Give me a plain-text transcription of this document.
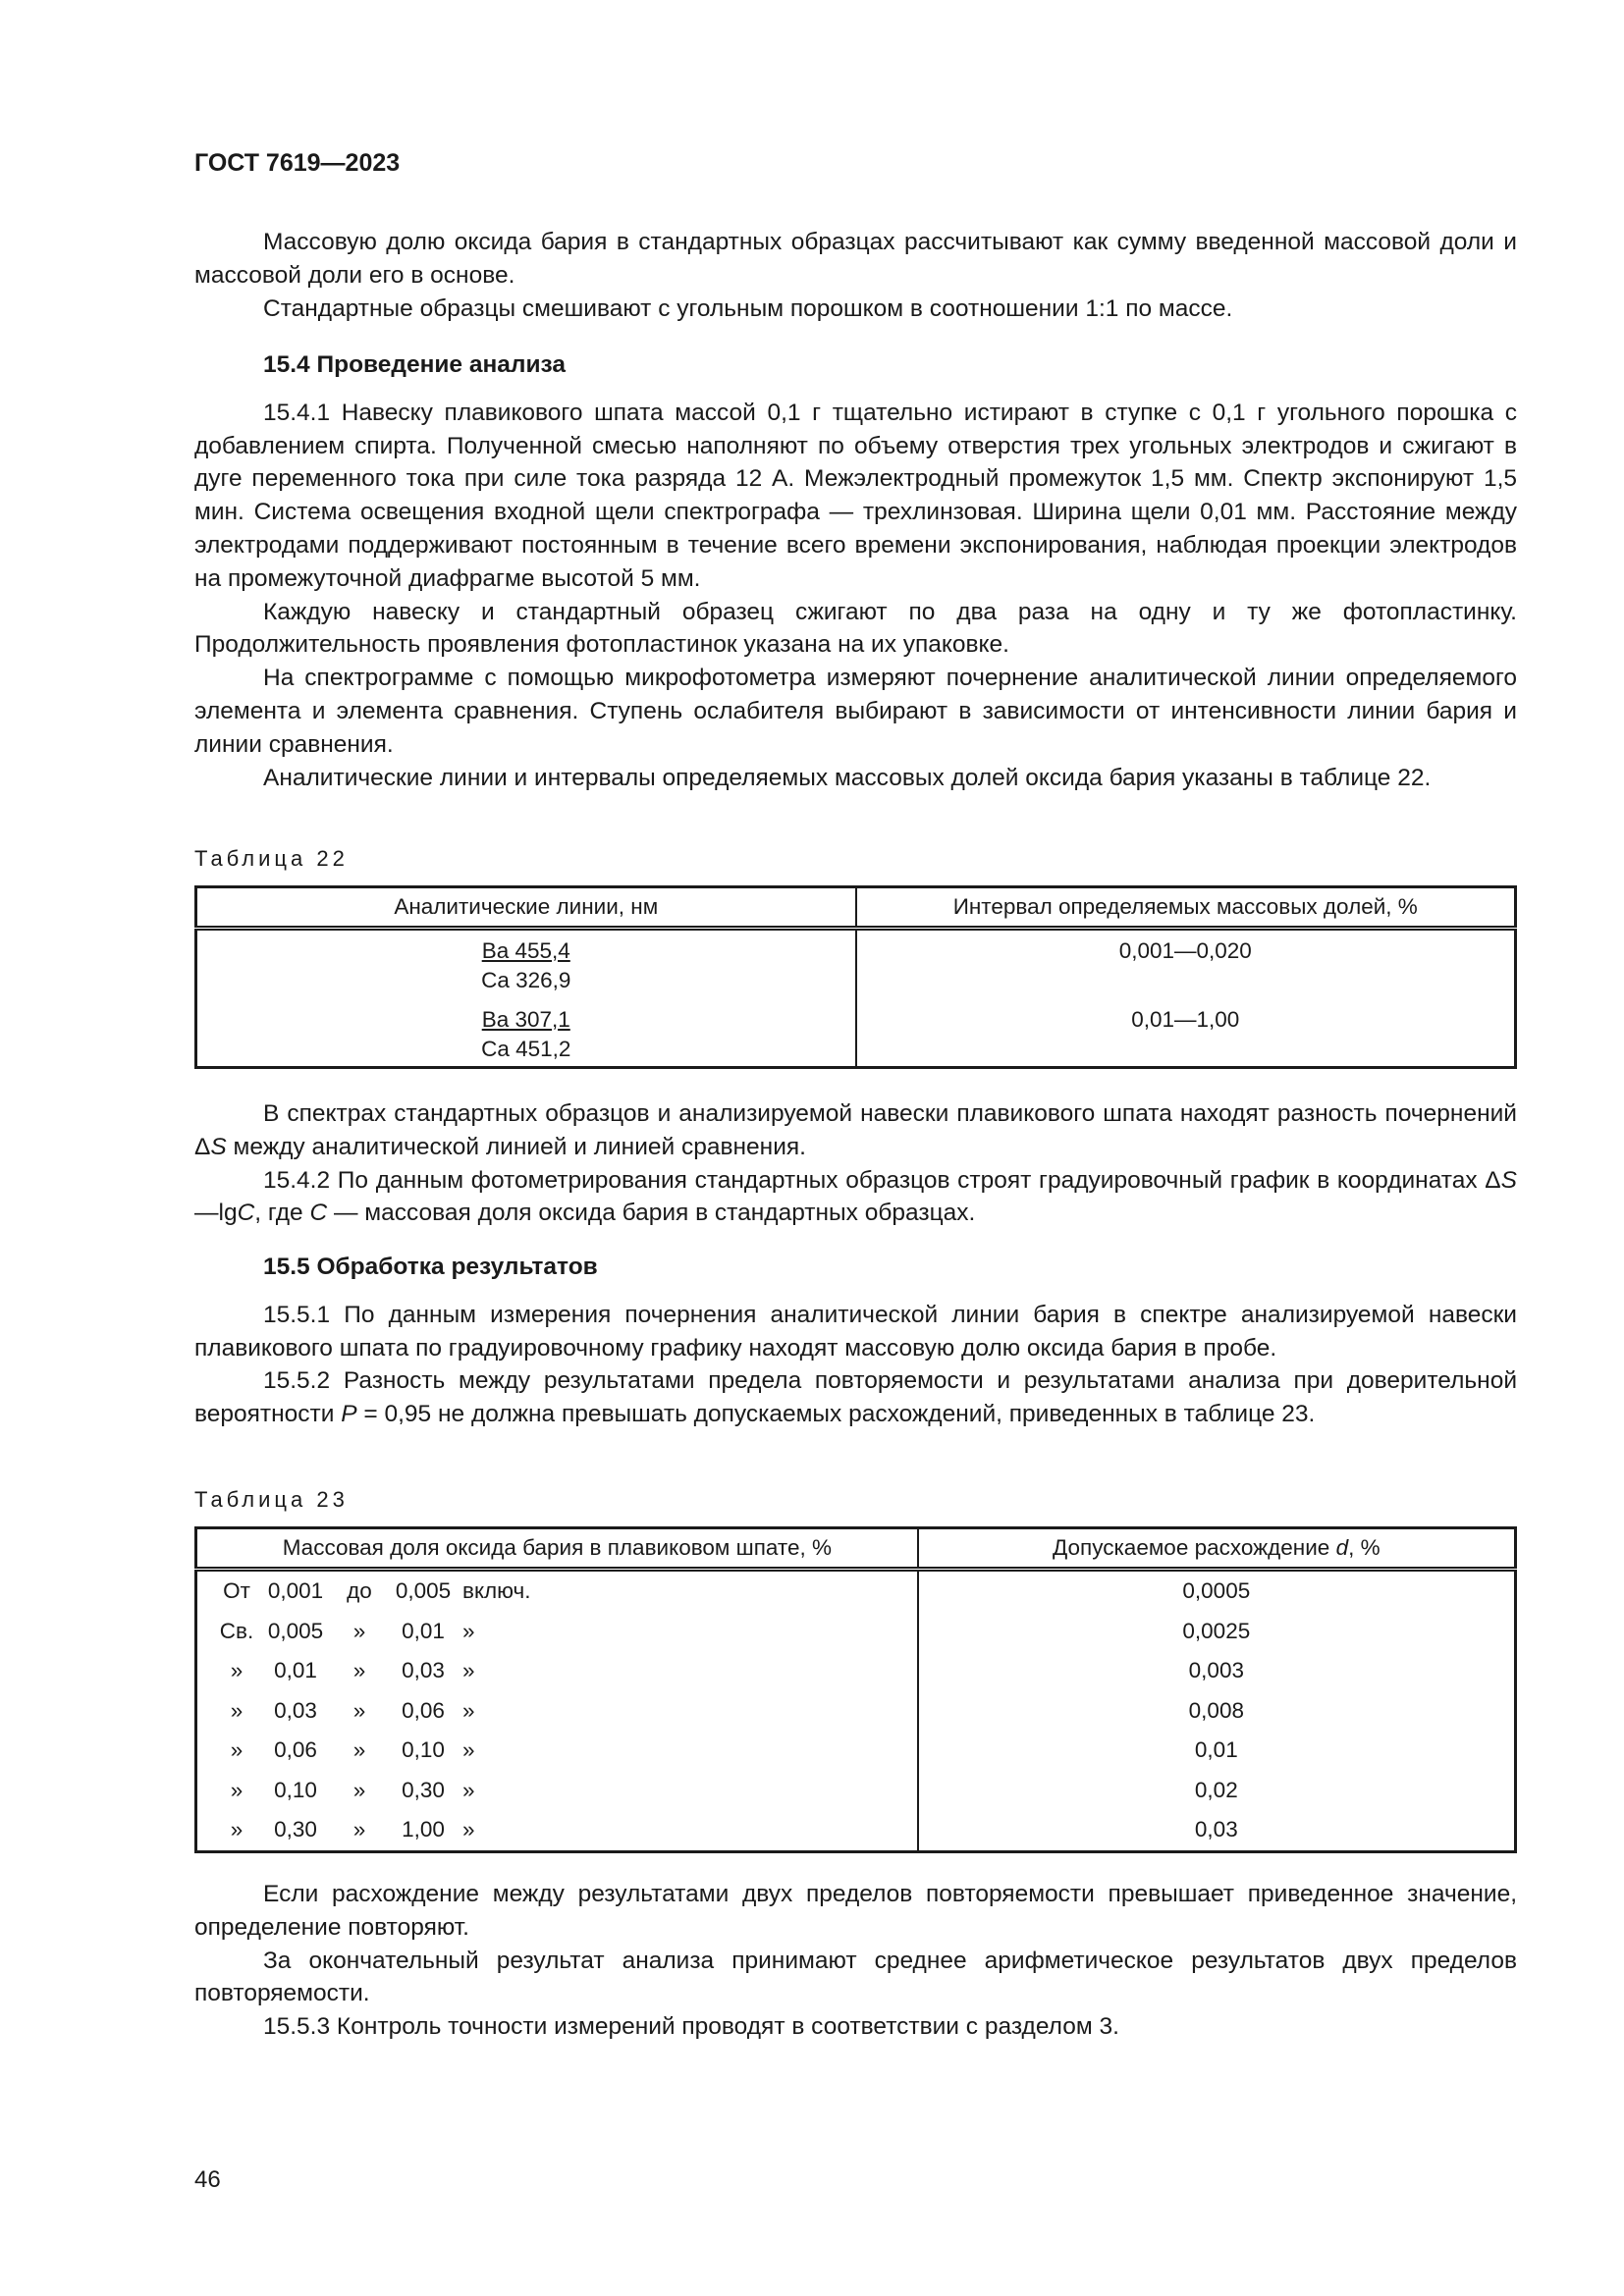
ГОСТ 7619—2023

Массовую долю оксида бария в стандартных образцах рассчитывают как сумму введенной массовой доли и массовой доли его в основе.

Стандартные образцы смешивают с угольным порошком в соотношении 1:1 по массе.

15.4 Проведение анализа

15.4.1 Навеску плавикового шпата массой 0,1 г тщательно истирают в ступке с 0,1 г угольного порошка с добавлением спирта. Полученной смесью наполняют по объему отверстия трех угольных электродов и сжигают в дуге переменного тока при силе тока разряда 12 А. Межэлектродный промежуток 1,5 мм. Спектр экспонируют 1,5 мин. Система освещения входной щели спектрографа — трехлинзовая. Ширина щели 0,01 мм. Расстояние между электродами поддерживают постоянным в течение всего времени экспонирования, наблюдая проекции электродов на промежуточной диафрагме высотой 5 мм.

Каждую навеску и стандартный образец сжигают по два раза на одну и ту же фотопластинку. Продолжительность проявления фотопластинок указана на их упаковке.

На спектрограмме с помощью микрофотометра измеряют почернение аналитической линии определяемого элемента и элемента сравнения. Ступень ослабителя выбирают в зависимости от интенсивности линии бария и линии сравнения.

Аналитические линии и интервалы определяемых массовых долей оксида бария указаны в таблице 22.

Таблица 22
Аналитические линии, нм	Интервал определяемых массовых долей, %
Ba 455,4
Ca 326,9	0,001—0,020
Ba 307,1
Ca 451,2	0,01—1,00

В спектрах стандартных образцов и анализируемой навески плавикового шпата находят разность почернений ΔS между аналитической линией и линией сравнения.

15.4.2 По данным фотометрирования стандартных образцов строят градуировочный график в координатах ΔS—lgC, где C — массовая доля оксида бария в стандартных образцах.

15.5 Обработка результатов

15.5.1 По данным измерения почернения аналитической линии бария в спектре анализируемой навески плавикового шпата по градуировочному графику находят массовую долю оксида бария в пробе.

15.5.2 Разность между результатами предела повторяемости и результатами анализа при доверительной вероятности P = 0,95 не должна превышать допускаемых расхождений, приведенных в таблице 23.

Таблица 23
Массовая доля оксида бария в плавиковом шпате, %	Допускаемое расхождение d, %

От 0,001 до 0,005 включ.	0,0005

Св. 0,005 » 0,01 »	0,0025

» 0,01 » 0,03 »	0,003

» 0,03 » 0,06 »	0,008

» 0,06 » 0,10 »	0,01

» 0,10 » 0,30 »	0,02

» 0,30 » 1,00 »	0,03

Если расхождение между результатами двух пределов повторяемости превышает приведенное значение, определение повторяют.

За окончательный результат анализа принимают среднее арифметическое результатов двух пределов повторяемости.

15.5.3 Контроль точности измерений проводят в соответствии с разделом 3.

46
